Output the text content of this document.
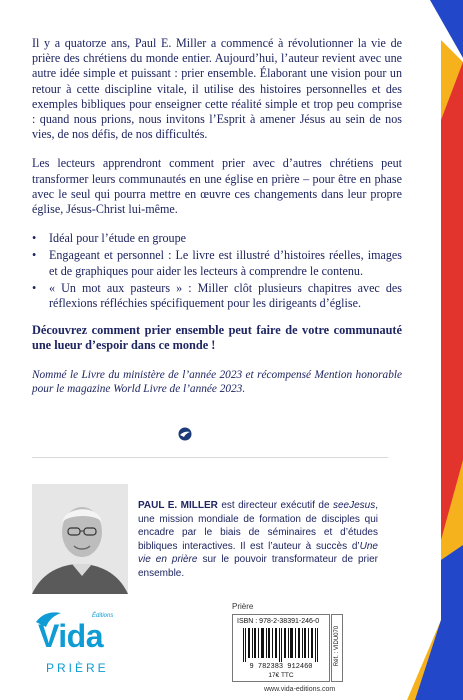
Il y a quatorze ans, Paul E. Miller a commencé à révolutionner la vie de prière des chrétiens du monde entier. Aujourd’hui, l’auteur revient avec une autre idée simple et puissant : prier ensemble. Élaborant une vision pour un retour à cette discipline vitale, il utilise des histoires personnelles et des exemples bibliques pour enseigner cette réalité simple et trop peu comprise : quand nous prions, nous invitons l’Esprit à amener Jésus au sein de nos vies, de nos défis, de nos difficultés.

Les lecteurs apprendront comment prier avec d’autres chrétiens peut transformer leurs communautés en une église en prière – pour être en phase avec le seul qui pourra mettre en œuvre ces changements dans leur propre église, Jésus-Christ lui-même.

• Idéal pour l’étude en groupe
• Engageant et personnel : Le livre est illustré d’histoires réelles, images et de graphiques pour aider les lecteurs à comprendre le contenu.
• « Un mot aux pasteurs » : Miller clôt plusieurs chapitres avec des réflexions réfléchies spécifiquement pour les dirigeants d’église.

Découvrez comment prier ensemble peut faire de votre communauté une lueur d’espoir dans ce monde !

Nommé le Livre du ministère de l’année 2023 et récompensé Mention honorable pour le magazine World Livre de l’année 2023.

PAUL E. MILLER est directeur exécutif de seeJesus, une mission mondiale de formation de disciples qui encadre par le biais de séminaires et d’études bibliques interactives. Il est l’auteur à succès d’Une vie en prière sur le pouvoir transformateur de prier ensemble.

Éditions
Vida
PRIÈRE
Prière
ISBN : 978-2-38391-246-0
9 782383 912460
17€ TTC
Réf. : VIDU070
www.vida-editions.com
